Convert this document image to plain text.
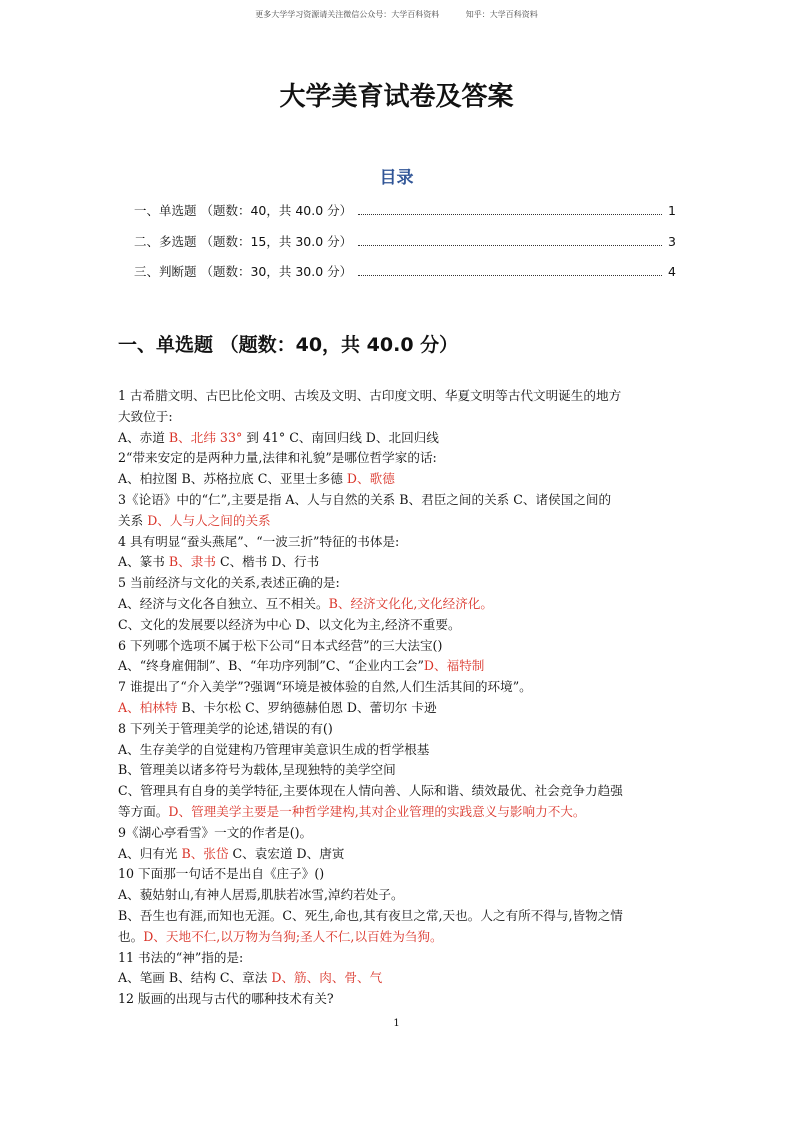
更多大学学习资源请关注微信公众号：大学百科资料	知乎：大学百科资料
大学美育试卷及答案
目录
一、单选题 （题数：40，共 40.0 分）	1
二、多选题 （题数：15，共 30.0 分）	3
三、判断题 （题数：30，共 30.0 分）	4
一、单选题 （题数：40，共 40.0 分）
1 古希腊文明、古巴比伦文明、古埃及文明、古印度文明、华夏文明等古代文明诞生的地方
大致位于:
A、赤道 B、北纬 33° 到 41° C、南回归线 D、北回归线
2“带来安定的是两种力量,法律和礼貌”是哪位哲学家的话:
A、柏拉图 B、苏格拉底 C、亚里士多德 D、歌德
3《论语》中的“仁”,主要是指 A、人与自然的关系 B、君臣之间的关系 C、诸侯国之间的
关系 D、人与人之间的关系
4 具有明显“蚕头燕尾”、“一波三折”特征的书体是:
A、篆书 B、隶书 C、楷书 D、行书
5 当前经济与文化的关系,表述正确的是:
A、经济与文化各自独立、互不相关。B、经济文化化,文化经济化。
C、文化的发展要以经济为中心 D、以文化为主,经济不重要。
6 下列哪个选项不属于松下公司“日本式经营”的三大法宝()
A、“终身雇佣制”、B、“年功序列制”C、“企业内工会”D、福特制
7 谁提出了“介入美学”?强调“环境是被体验的自然,人们生活其间的环境”。
A、柏林特 B、卡尔松 C、罗纳德赫伯恩 D、蕾切尔 卡逊
8 下列关于管理美学的论述,错误的有()
A、生存美学的自觉建构乃管理审美意识生成的哲学根基
B、管理美以诸多符号为载体,呈现独特的美学空间
C、管理具有自身的美学特征,主要体现在人情向善、人际和谐、绩效最优、社会竞争力趋强
等方面。D、管理美学主要是一种哲学建构,其对企业管理的实践意义与影响力不大。
9《湖心亭看雪》一文的作者是()。
A、归有光 B、张岱 C、袁宏道 D、唐寅
10 下面那一句话不是出自《庄子》()
A、藐姑射山,有神人居焉,肌肤若冰雪,淖约若处子。
B、吾生也有涯,而知也无涯。C、死生,命也,其有夜旦之常,天也。人之有所不得与,皆物之情
也。D、天地不仁,以万物为刍狗;圣人不仁,以百姓为刍狗。
11 书法的“神”指的是:
A、笔画 B、结构 C、章法 D、筋、肉、骨、气
12 版画的出现与古代的哪种技术有关?
1
